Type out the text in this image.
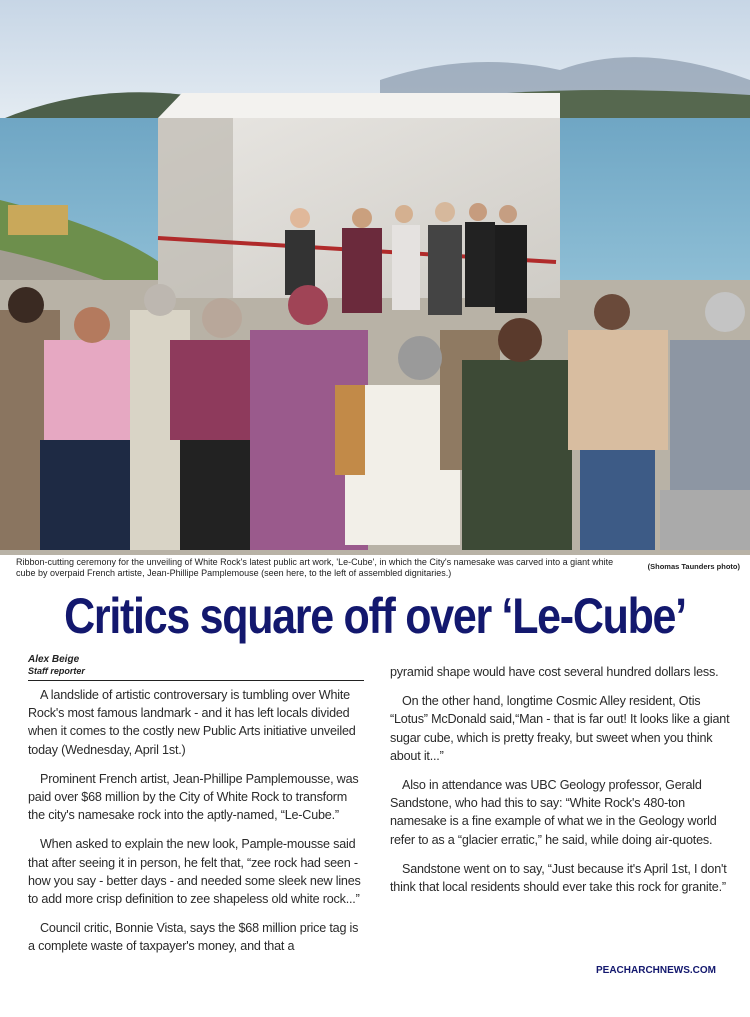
Ribbon-cutting ceremony for the unveiling of White Rock's latest public art work, 'Le-Cube', in which the City's namesake was carved into a giant white cube by overpaid French artiste, Jean-Phillipe Pamplemouse (seen here, to the left of assembled dignitaries.)
(Shomas Taunders photo)
Critics square off over ‘Le-Cube’
Alex Beige
Staff reporter

A landslide of artistic controversary is tumbling over White Rock's most famous landmark - and it has left locals divided when it comes to the costly new Public Arts initiative unveiled today (Wednesday, April 1st.)

Prominent French artist, Jean-Phillipe Pamplemousse, was paid over $68 million by the City of White Rock to transform the city's namesake rock into the aptly-named, “Le-Cube.”

When asked to explain the new look, Pample-mousse said that after seeing it in person, he felt that, “zee rock had seen - how you say - better days - and needed some sleek new lines to add more crisp definition to zee shapeless old white rock...”

Council critic, Bonnie Vista, says the $68 million price tag is a complete waste of taxpayer's money, and that a

pyramid shape would have cost several hundred dollars less.

On the other hand, longtime Cosmic Alley resident, Otis “Lotus” McDonald said,“Man - that is far out! It looks like a giant sugar cube, which is pretty freaky, but sweet when you think about it...”

Also in attendance was UBC Geology professor, Gerald Sandstone, who had this to say: “White Rock's 480-ton namesake is a fine example of what we in the Geology world refer to as a “glacier erratic,” he said, while doing air-quotes.

Sandstone went on to say, “Just because it's April 1st, I don't think that local residents should ever take this rock for granite.”

PEACHARCHNEWS.COM
